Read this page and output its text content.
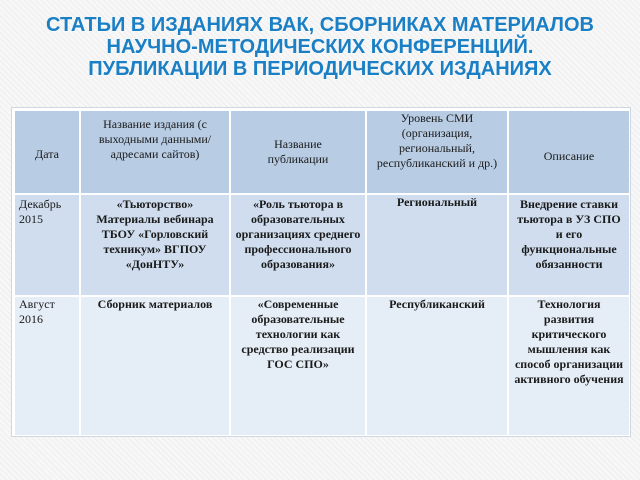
СТАТЬИ В ИЗДАНИЯХ ВАК, СБОРНИКАХ МАТЕРИАЛОВ
НАУЧНО-МЕТОДИЧЕСКИХ КОНФЕРЕНЦИЙ.
ПУБЛИКАЦИИ В ПЕРИОДИЧЕСКИХ ИЗДАНИЯХ
Дата	Название издания (с выходными данными/адресами сайтов)	Название публикации	Уровень СМИ (организация, региональный, республиканский и др.)	Описание

Декабрь 2015	«Тьюторство» Материалы вебинара ТБОУ «Горловский техникум» ВГПОУ «ДонНТУ»	«Роль тьютора в образовательных организациях среднего профессионального образования»	Региональный	Внедрение ставки тьютора в УЗ СПО и его функциональные обязанности

Август 2016	Сборник материалов	«Современные образовательные технологии как средство реализации ГОС СПО»	Республиканский	Технология развития критического мышления как способ организации активного обучения
